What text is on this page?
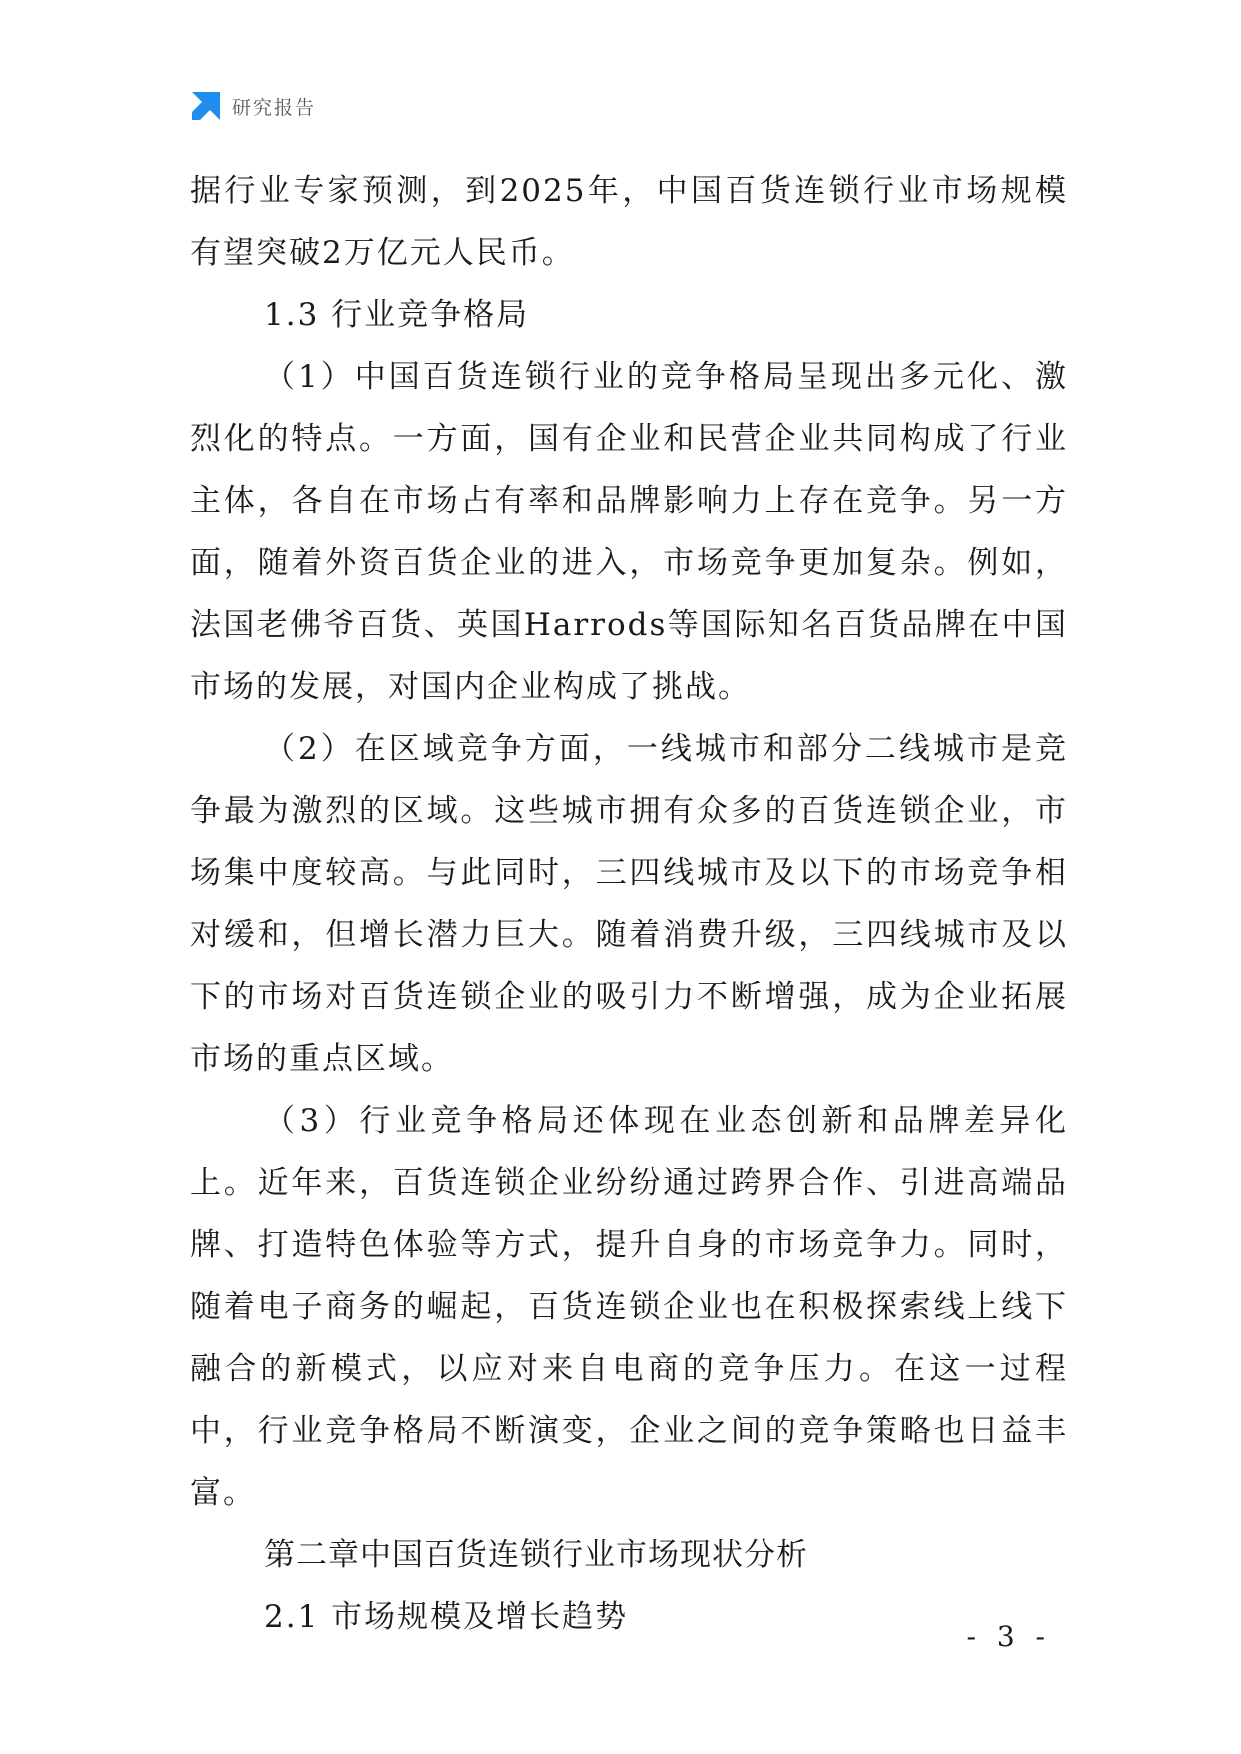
研究报告

据行业专家预测，到2025年，中国百货连锁行业市场规模有望突破2万亿元人民币。

1.3 行业竞争格局

（1）中国百货连锁行业的竞争格局呈现出多元化、激烈化的特点。一方面，国有企业和民营企业共同构成了行业主体，各自在市场占有率和品牌影响力上存在竞争。另一方面，随着外资百货企业的进入，市场竞争更加复杂。例如，法国老佛爷百货、英国Harrods等国际知名百货品牌在中国市场的发展，对国内企业构成了挑战。

（2）在区域竞争方面，一线城市和部分二线城市是竞争最为激烈的区域。这些城市拥有众多的百货连锁企业，市场集中度较高。与此同时，三四线城市及以下的市场竞争相对缓和，但增长潜力巨大。随着消费升级，三四线城市及以下的市场对百货连锁企业的吸引力不断增强，成为企业拓展市场的重点区域。

（3）行业竞争格局还体现在业态创新和品牌差异化上。近年来，百货连锁企业纷纷通过跨界合作、引进高端品牌、打造特色体验等方式，提升自身的市场竞争力。同时，随着电子商务的崛起，百货连锁企业也在积极探索线上线下融合的新模式，以应对来自电商的竞争压力。在这一过程中，行业竞争格局不断演变，企业之间的竞争策略也日益丰富。

第二章中国百货连锁行业市场现状分析

2.1 市场规模及增长趋势

- 3 -
